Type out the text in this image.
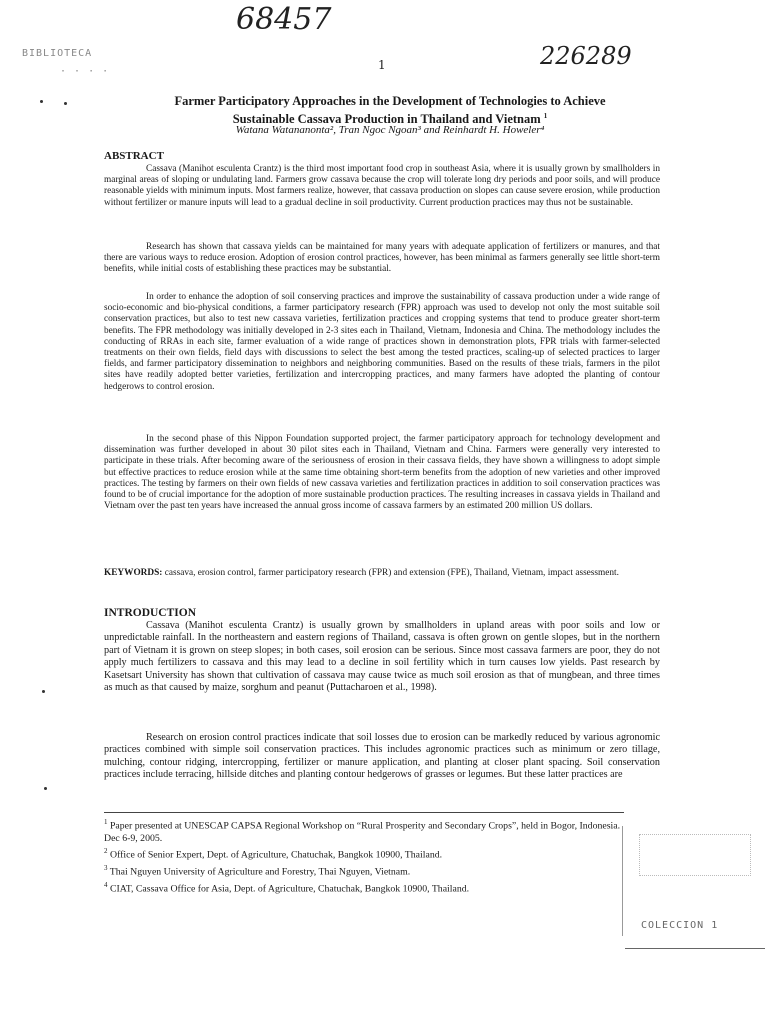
68457
226289
1
BIBLIOTECA
· · · ·
Farmer Participatory Approaches in the Development of Technologies to Achieve
Sustainable Cassava Production in Thailand and Vietnam $^1$
Watana Watananonta², Tran Ngoc Ngoan³ and Reinhardt H. Howeler⁴
ABSTRACT

Cassava (Manihot esculenta Crantz) is the third most important food crop in southeast Asia, where it is usually grown by smallholders in marginal areas of sloping or undulating land. Farmers grow cassava because the crop will tolerate long dry periods and poor soils, and will produce reasonable yields with minimum inputs. Most farmers realize, however, that cassava production on slopes can cause severe erosion, while production without fertilizer or manure inputs will lead to a gradual decline in soil productivity. Current production practices may thus not be sustainable.

Research has shown that cassava yields can be maintained for many years with adequate application of fertilizers or manures, and that there are various ways to reduce erosion. Adoption of erosion control practices, however, has been minimal as farmers generally see little short-term benefits, while initial costs of establishing these practices may be substantial.

In order to enhance the adoption of soil conserving practices and improve the sustainability of cassava production under a wide range of socio-economic and bio-physical conditions, a farmer participatory research (FPR) approach was used to develop not only the most suitable soil conservation practices, but also to test new cassava varieties, fertilization practices and cropping systems that tend to produce greater short-term benefits. The FPR methodology was initially developed in 2-3 sites each in Thailand, Vietnam, Indonesia and China. The methodology includes the conducting of RRAs in each site, farmer evaluation of a wide range of practices shown in demonstration plots, FPR trials with farmer-selected treatments on their own fields, field days with discussions to select the best among the tested practices, scaling-up of selected practices to larger fields, and farmer participatory dissemination to neighbors and neighboring communities. Based on the results of these trials, farmers in the pilot sites have readily adopted better varieties, fertilization and intercropping practices, and many farmers have adopted the planting of contour hedgerows to control erosion.

In the second phase of this Nippon Foundation supported project, the farmer participatory approach for technology development and dissemination was further developed in about 30 pilot sites each in Thailand, Vietnam and China. Farmers were generally very interested to participate in these trials. After becoming aware of the seriousness of erosion in their cassava fields, they have shown a willingness to adopt simple but effective practices to reduce erosion while at the same time obtaining short-term benefits from the adoption of new varieties and other improved practices. The testing by farmers on their own fields of new cassava varieties and fertilization practices in addition to soil conservation practices was found to be of crucial importance for the adoption of more sustainable production practices. The resulting increases in cassava yields in Thailand and Vietnam over the past ten years have increased the annual gross income of cassava farmers by an estimated 200 million US dollars.

KEYWORDS: cassava, erosion control, farmer participatory research (FPR) and extension (FPE), Thailand, Vietnam, impact assessment.
INTRODUCTION

Cassava (Manihot esculenta Crantz) is usually grown by smallholders in upland areas with poor soils and low or unpredictable rainfall. In the northeastern and eastern regions of Thailand, cassava is often grown on gentle slopes, but in the northern part of Vietnam it is grown on steep slopes; in both cases, soil erosion can be serious. Since most cassava farmers are poor, they do not apply much fertilizers to cassava and this may lead to a decline in soil fertility which in turn causes low yields. Past research by Kasetsart University has shown that cultivation of cassava may cause twice as much soil erosion as that of mungbean, and three times as much as that caused by maize, sorghum and peanut (Puttacharoen et al., 1998).

Research on erosion control practices indicate that soil losses due to erosion can be markedly reduced by various agronomic practices combined with simple soil conservation practices. This includes agronomic practices such as minimum or zero tillage, mulching, contour ridging, intercropping, fertilizer or manure application, and planting at closer plant spacing. Soil conservation practices include terracing, hillside ditches and planting contour hedgerows of grasses or legumes. But these latter practices are

$^1$ Paper presented at UNESCAP CAPSA Regional Workshop on “Rural Prosperity and Secondary Crops”, held in Bogor, Indonesia. Dec 6-9, 2005.
$^2$ Office of Senior Expert, Dept. of Agriculture, Chatuchak, Bangkok 10900, Thailand.
$^3$ Thai Nguyen University of Agriculture and Forestry, Thai Nguyen, Vietnam.
$^4$ CIAT, Cassava Office for Asia, Dept. of Agriculture, Chatuchak, Bangkok 10900, Thailand.
COLECCION 1
